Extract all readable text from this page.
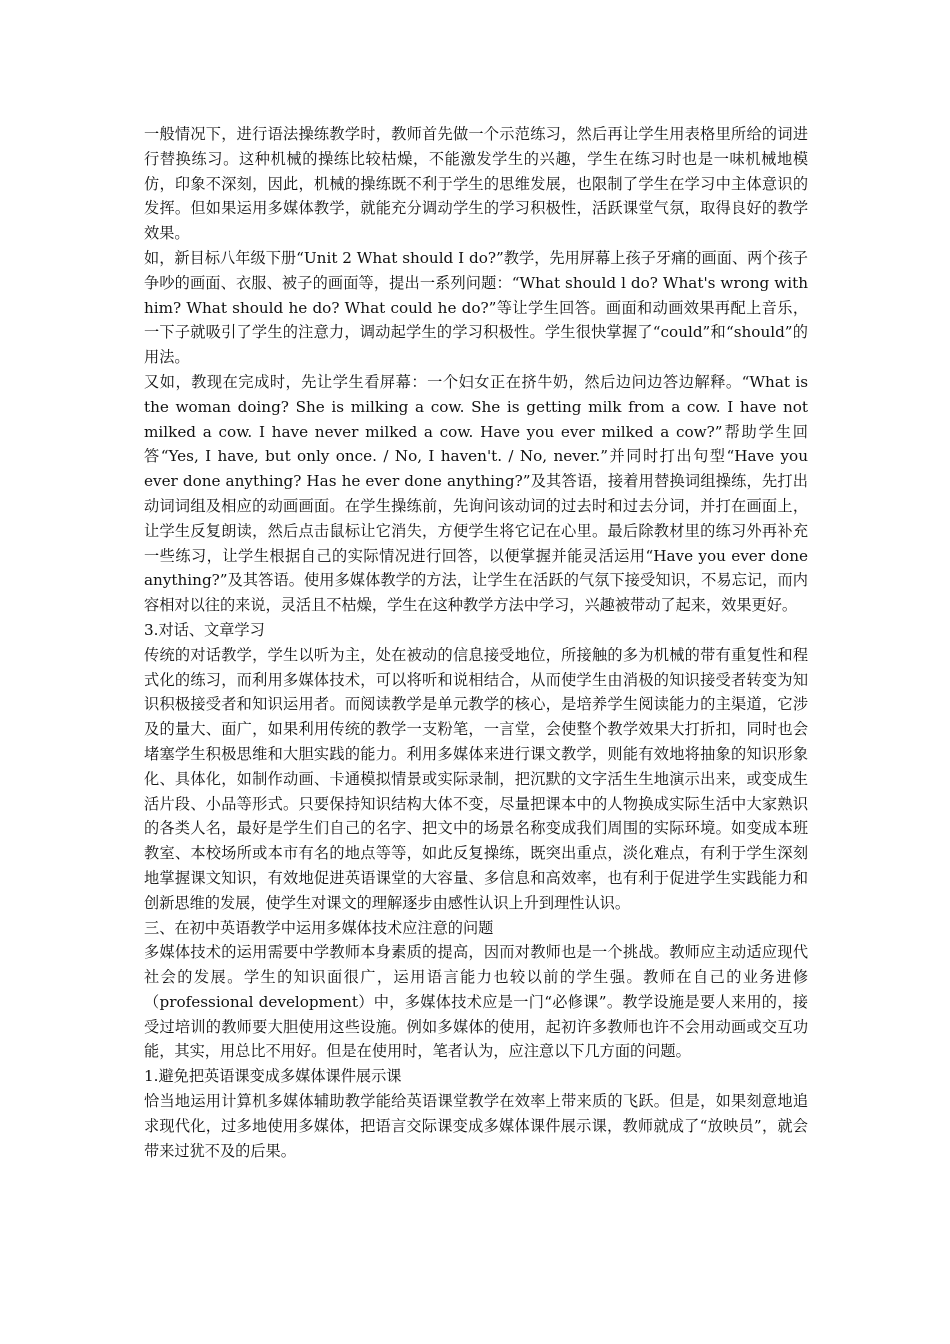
一般情况下，进行语法操练教学时，教师首先做一个示范练习，然后再让学生用表格里所给的词进行替换练习。这种机械的操练比较枯燥，不能激发学生的兴趣，学生在练习时也是一味机械地模仿，印象不深刻，因此，机械的操练既不利于学生的思维发展，也限制了学生在学习中主体意识的发挥。但如果运用多媒体教学，就能充分调动学生的学习积极性，活跃课堂气氛，取得良好的教学效果。

如，新目标八年级下册“Unit 2 What should I do?”教学，先用屏幕上孩子牙痛的画面、两个孩子争吵的画面、衣服、被子的画面等，提出一系列问题：“What should l do? What's wrong with him? What should he do? What could he do?”等让学生回答。画面和动画效果再配上音乐，一下子就吸引了学生的注意力，调动起学生的学习积极性。学生很快掌握了“could”和“should”的用法。

又如，教现在完成时，先让学生看屏幕：一个妇女正在挤牛奶，然后边问边答边解释。“What is the woman doing? She is milking a cow. She is getting milk from a cow. I have not milked a cow. I have never milked a cow. Have you ever milked a cow?”帮助学生回答“Yes, I have, but only once. / No, I haven't. / No, never.”并同时打出句型“Have you ever done anything? Has he ever done anything?”及其答语，接着用替换词组操练，先打出动词词组及相应的动画画面。在学生操练前，先询问该动词的过去时和过去分词，并打在画面上，让学生反复朗读，然后点击鼠标让它消失，方便学生将它记在心里。最后除教材里的练习外再补充一些练习，让学生根据自己的实际情况进行回答，以便掌握并能灵活运用“Have you ever done anything?”及其答语。使用多媒体教学的方法，让学生在活跃的气氛下接受知识，不易忘记，而内容相对以往的来说，灵活且不枯燥，学生在这种教学方法中学习，兴趣被带动了起来，效果更好。

3.对话、文章学习

传统的对话教学，学生以听为主，处在被动的信息接受地位，所接触的多为机械的带有重复性和程式化的练习，而利用多媒体技术，可以将听和说相结合，从而使学生由消极的知识接受者转变为知识积极接受者和知识运用者。而阅读教学是单元教学的核心，是培养学生阅读能力的主渠道，它涉及的量大、面广，如果利用传统的教学一支粉笔，一言堂，会使整个教学效果大打折扣，同时也会堵塞学生积极思维和大胆实践的能力。利用多媒体来进行课文教学，则能有效地将抽象的知识形象化、具体化，如制作动画、卡通模拟情景或实际录制，把沉默的文字活生生地演示出来，或变成生活片段、小品等形式。只要保持知识结构大体不变，尽量把课本中的人物换成实际生活中大家熟识的各类人名，最好是学生们自己的名字、把文中的场景名称变成我们周围的实际环境。如变成本班教室、本校场所或本市有名的地点等等，如此反复操练，既突出重点，淡化难点，有利于学生深刻地掌握课文知识，有效地促进英语课堂的大容量、多信息和高效率，也有利于促进学生实践能力和创新思维的发展，使学生对课文的理解逐步由感性认识上升到理性认识。

三、在初中英语教学中运用多媒体技术应注意的问题

多媒体技术的运用需要中学教师本身素质的提高，因而对教师也是一个挑战。教师应主动适应现代社会的发展。学生的知识面很广，运用语言能力也较以前的学生强。教师在自己的业务进修（professional development）中，多媒体技术应是一门“必修课”。教学设施是要人来用的，接受过培训的教师要大胆使用这些设施。例如多媒体的使用，起初许多教师也许不会用动画或交互功能，其实，用总比不用好。但是在使用时，笔者认为，应注意以下几方面的问题。

1.避免把英语课变成多媒体课件展示课

恰当地运用计算机多媒体辅助教学能给英语课堂教学在效率上带来质的飞跃。但是，如果刻意地追求现代化，过多地使用多媒体，把语言交际课变成多媒体课件展示课，教师就成了“放映员”，就会带来过犹不及的后果。
